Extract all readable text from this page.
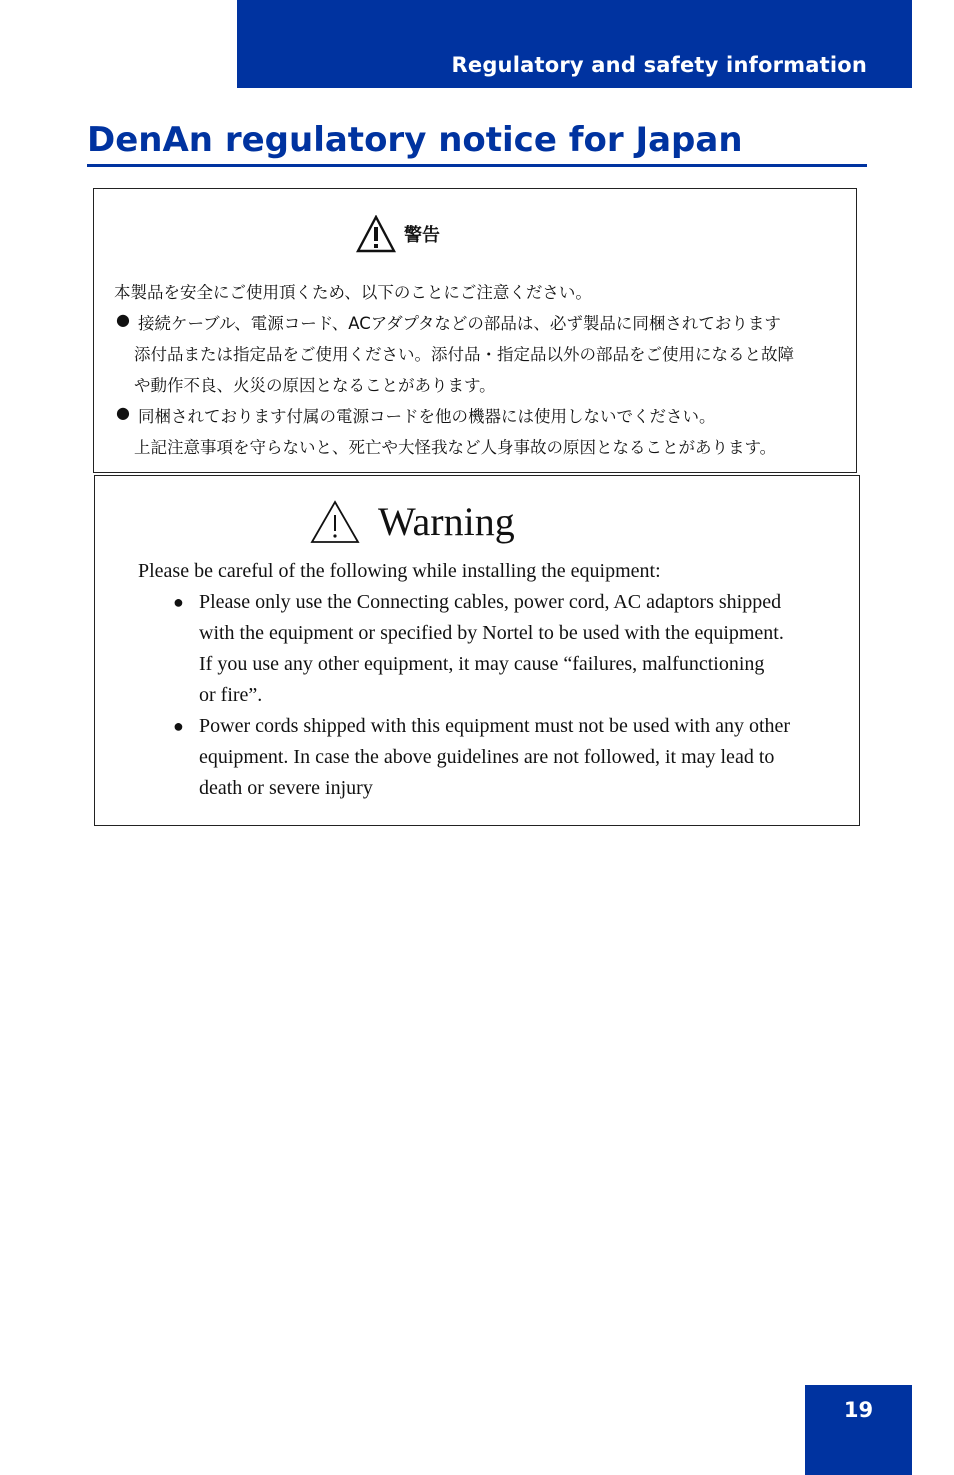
Regulatory and safety information
DenAn regulatory notice for Japan
警告
本製品を安全にご使用頂くため、以下のことにご注意ください。
● 接続ケーブル、電源コード、ACアダプタなどの部品は、必ず製品に同梱されております
添付品または指定品をご使用ください。添付品・指定品以外の部品をご使用になると故障
や動作不良、火災の原因となることがあります。
● 同梱されております付属の電源コードを他の機器には使用しないでください。
上記注意事項を守らないと、死亡や大怪我など人身事故の原因となることがあります。
Warning
Please be careful of the following while installing the equipment:
● Please only use the Connecting cables, power cord, AC adaptors shipped
with the equipment or specified by Nortel to be used with the equipment.
If you use any other equipment, it may cause “failures, malfunctioning
or fire”.
● Power cords shipped with this equipment must not be used with any other
equipment. In case the above guidelines are not followed, it may lead to
death or severe injury
19
